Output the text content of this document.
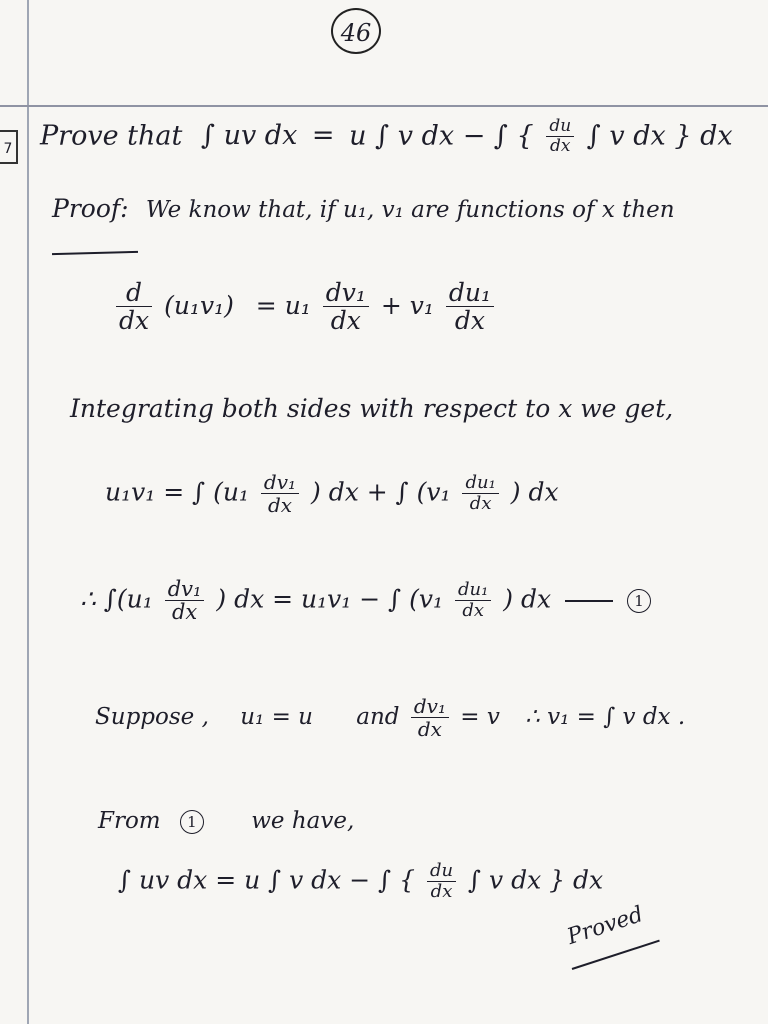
46
7 Prove that ∫ uv dx = u ∫ v dx − ∫ { $\frac{du}{dx}$ ∫ v dx } dx
Proof: We know that, if u₁, v₁ are functions of x then
$\frac{d}{dx} (u_1v_1) = u_1 \frac{\text{dv₁}}{dx} + v_1 \frac{\text{du₁}}{dx}$
Integrating both sides with respect to x we get,
u₁v₁ = ∫ ($u_1 \frac{\text{dv₁}}{dx}$ ) dx + ∫ ($v_1 \frac{\text{du₁}}{dx}$ ) dx
∴ $\int(u_1 \frac{\text{dv₁}}{dx}$ ) dx = u₁v₁ − ∫ ($v_1 \frac{\text{du₁}}{dx}$ ) dx	1
Suppose , u₁ = u and $\frac{\text{dv₁}}{dx} = v$ ∴ v₁ = ∫ v dx .
From 1 we have,
∫ uv dx = u ∫ v dx − ∫ { $\frac{du}{dx}$ ∫ v dx } dx
Proved
